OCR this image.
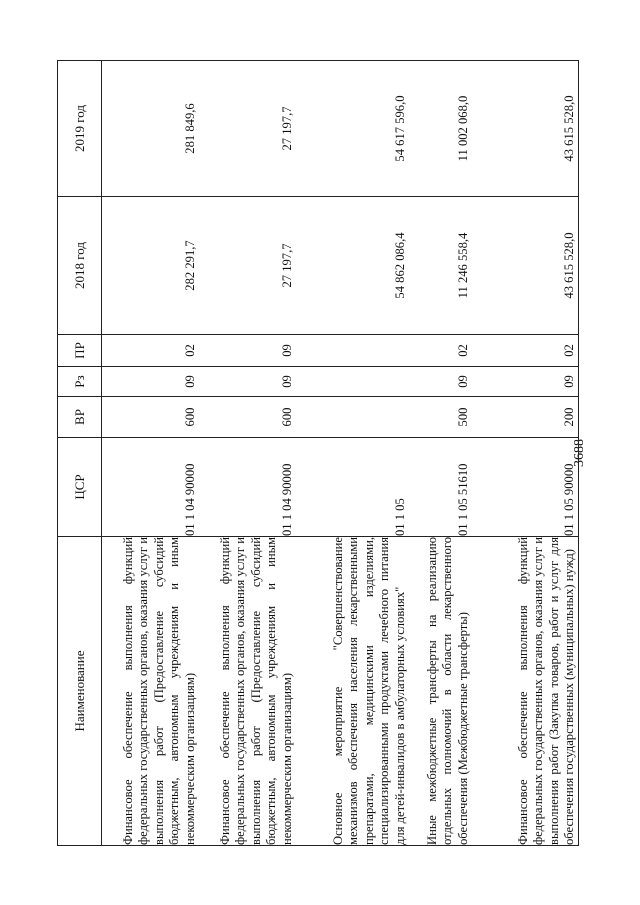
3688
Наименование	ЦСР	ВР	Рз	ПР	2018 год	2019 год
Финансовое обеспечение выполнения функций федеральных государственных органов, оказания услуг и выполнения работ (Предоставление субсидий бюджетным, автономным учреждениям и иным некоммерческим организациям)	01 1 04 90000	600	09	02	282 291,7	281 849,6
Финансовое обеспечение выполнения функций федеральных государственных органов, оказания услуг и выполнения работ (Предоставление субсидий бюджетным, автономным учреждениям и иным некоммерческим организациям)	01 1 04 90000	600	09	09	27 197,7	27 197,7
Основное мероприятие "Совершенствование механизмов обеспечения населения лекарственными препаратами, медицинскими изделиями, специализированными продуктами лечебного питания для детей-инвалидов в амбулаторных условиях"	01 1 05				54 862 086,4	54 617 596,0
Иные межбюджетные трансферты на реализацию отдельных полномочий в области лекарственного обеспечения (Межбюджетные трансферты)	01 1 05 51610	500	09	02	11 246 558,4	11 002 068,0
Финансовое обеспечение выполнения функций федеральных государственных органов, оказания услуг и выполнения работ (Закупка товаров, работ и услуг для обеспечения государственных (муниципальных) нужд)	01 1 05 90000	200	09	02	43 615 528,0	43 615 528,0
